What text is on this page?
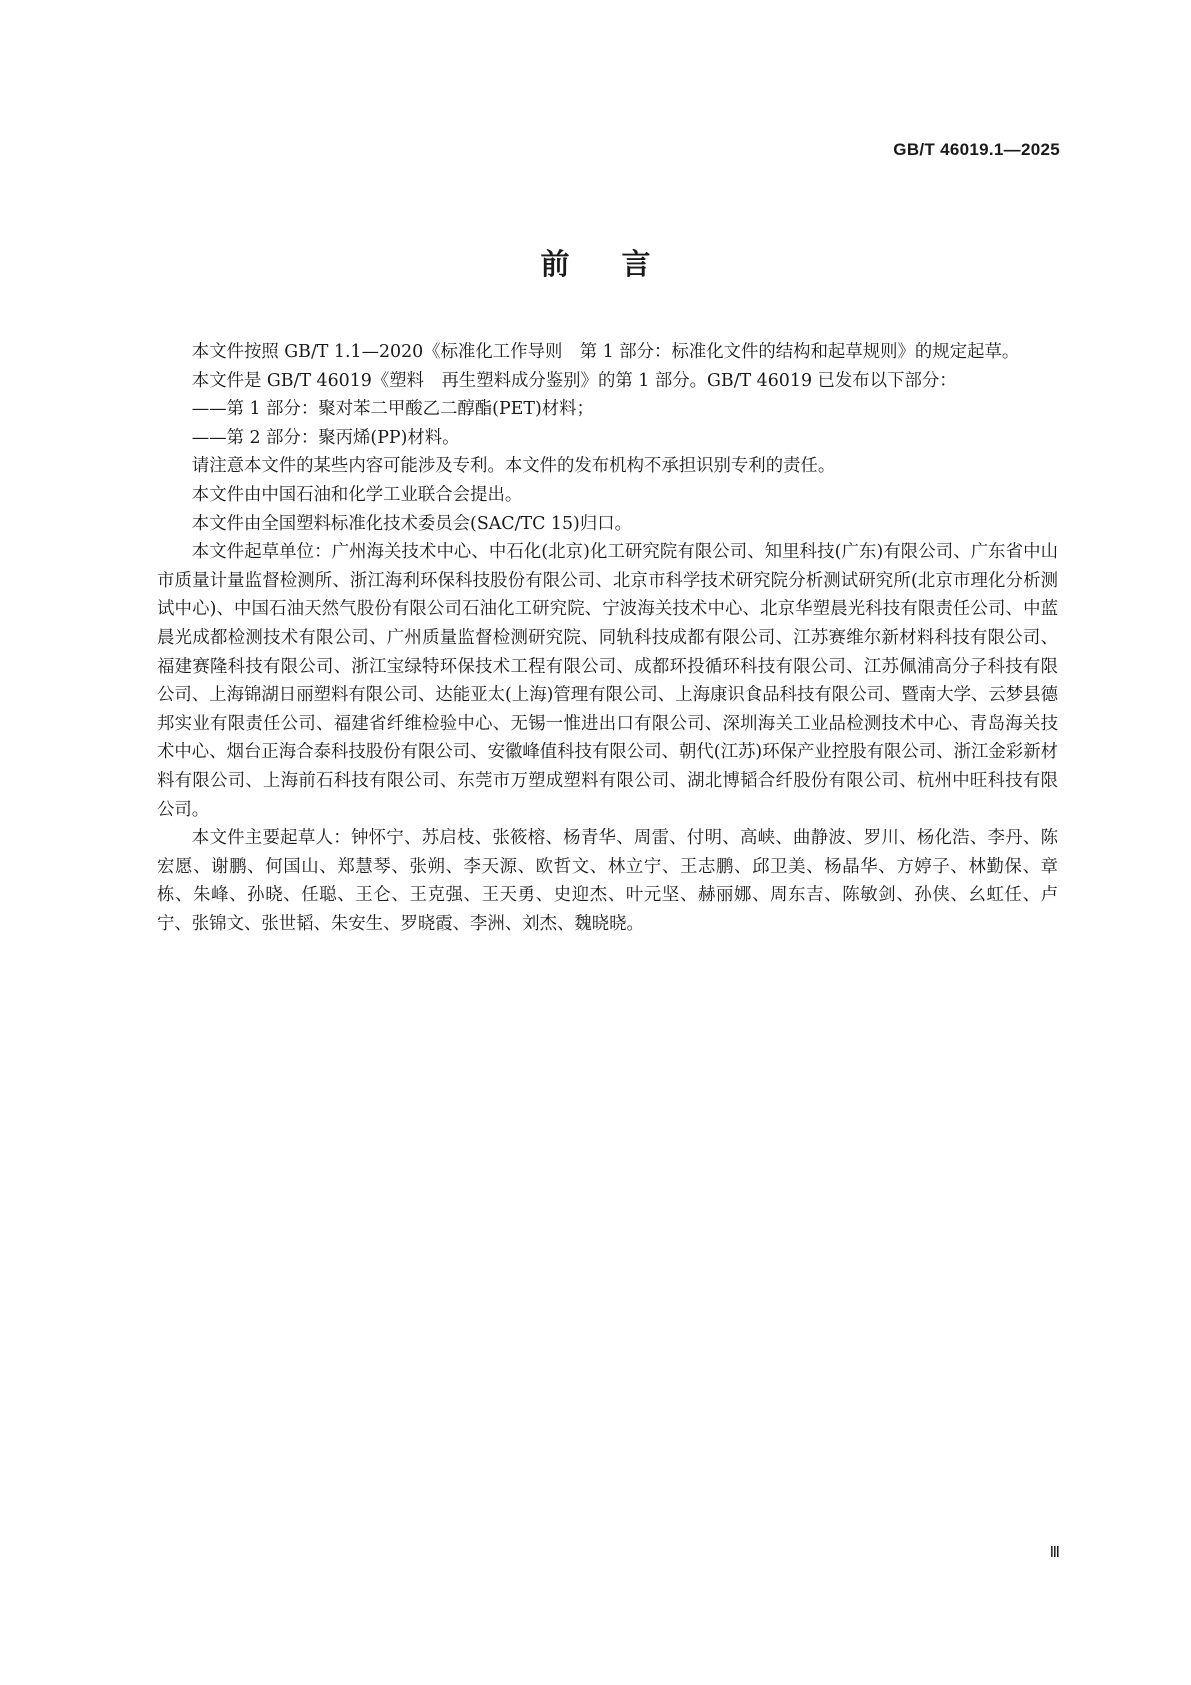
GB/T 46019.1—2025
前言

本文件按照 GB/T 1.1—2020《标准化工作导则　第 1 部分：标准化文件的结构和起草规则》的规定起草。

本文件是 GB/T 46019《塑料　再生塑料成分鉴别》的第 1 部分。GB/T 46019 已发布以下部分：

——第 1 部分：聚对苯二甲酸乙二醇酯(PET)材料；

——第 2 部分：聚丙烯(PP)材料。

请注意本文件的某些内容可能涉及专利。本文件的发布机构不承担识别专利的责任。

本文件由中国石油和化学工业联合会提出。

本文件由全国塑料标准化技术委员会(SAC/TC 15)归口。

本文件起草单位：广州海关技术中心、中石化(北京)化工研究院有限公司、知里科技(广东)有限公司、广东省中山市质量计量监督检测所、浙江海利环保科技股份有限公司、北京市科学技术研究院分析测试研究所(北京市理化分析测试中心)、中国石油天然气股份有限公司石油化工研究院、宁波海关技术中心、北京华塑晨光科技有限责任公司、中蓝晨光成都检测技术有限公司、广州质量监督检测研究院、同轨科技成都有限公司、江苏赛维尔新材料科技有限公司、福建赛隆科技有限公司、浙江宝绿特环保技术工程有限公司、成都环投循环科技有限公司、江苏佩浦高分子科技有限公司、上海锦湖日丽塑料有限公司、达能亚太(上海)管理有限公司、上海康识食品科技有限公司、暨南大学、云梦县德邦实业有限责任公司、福建省纤维检验中心、无锡一惟进出口有限公司、深圳海关工业品检测技术中心、青岛海关技术中心、烟台正海合泰科技股份有限公司、安徽峰值科技有限公司、朝代(江苏)环保产业控股有限公司、浙江金彩新材料有限公司、上海前石科技有限公司、东莞市万塑成塑料有限公司、湖北博韬合纤股份有限公司、杭州中旺科技有限公司。

本文件主要起草人：钟怀宁、苏启枝、张筱榕、杨青华、周雷、付明、高峡、曲静波、罗川、杨化浩、李丹、陈宏愿、谢鹏、何国山、郑慧琴、张朔、李天源、欧哲文、林立宁、王志鹏、邱卫美、杨晶华、方婷子、林勤保、章栋、朱峰、孙晓、任聪、王仑、王克强、王天勇、史迎杰、叶元坚、赫丽娜、周东吉、陈敏剑、孙侠、幺虹任、卢宁、张锦文、张世韬、朱安生、罗晓霞、李洲、刘杰、魏晓晓。

Ⅲ
